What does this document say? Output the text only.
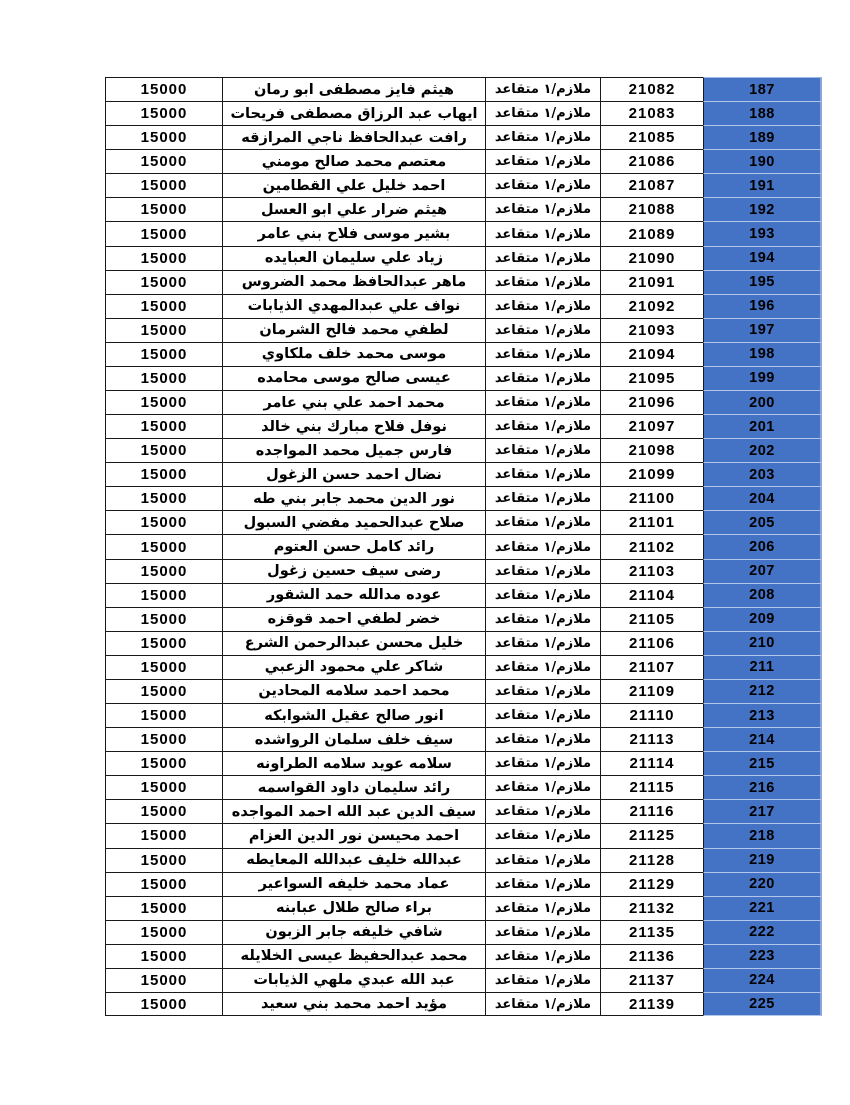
187	21082	ملازم/١ متقاعد	هيثم فايز مصطفى ابو رمان	15000
188	21083	ملازم/١ متقاعد	ايهاب عبد الرزاق مصطفى فريحات	15000
189	21085	ملازم/١ متقاعد	رافت عبدالحافظ ناجي المرازقه	15000
190	21086	ملازم/١ متقاعد	معتصم محمد صالح مومني	15000
191	21087	ملازم/١ متقاعد	احمد خليل علي القطامين	15000
192	21088	ملازم/١ متقاعد	هيثم ضرار علي ابو العسل	15000
193	21089	ملازم/١ متقاعد	بشير موسى فلاح بني عامر	15000
194	21090	ملازم/١ متقاعد	زياد علي سليمان العبايده	15000
195	21091	ملازم/١ متقاعد	ماهر عبدالحافظ محمد الضروس	15000
196	21092	ملازم/١ متقاعد	نواف علي عبدالمهدي الذيابات	15000
197	21093	ملازم/١ متقاعد	لطفي محمد فالح الشرمان	15000
198	21094	ملازم/١ متقاعد	موسى محمد خلف ملكاوي	15000
199	21095	ملازم/١ متقاعد	عيسى صالح موسى محامده	15000
200	21096	ملازم/١ متقاعد	محمد احمد علي بني عامر	15000
201	21097	ملازم/١ متقاعد	نوفل فلاح مبارك بني خالد	15000
202	21098	ملازم/١ متقاعد	فارس جميل محمد المواجده	15000
203	21099	ملازم/١ متقاعد	نضال احمد حسن الزغول	15000
204	21100	ملازم/١ متقاعد	نور الدين محمد جابر بني طه	15000
205	21101	ملازم/١ متقاعد	صلاح عبدالحميد مفضي السبول	15000
206	21102	ملازم/١ متقاعد	رائد كامل حسن العتوم	15000
207	21103	ملازم/١ متقاعد	رضى سيف حسين زغول	15000
208	21104	ملازم/١ متقاعد	عوده مدالله حمد الشقور	15000
209	21105	ملازم/١ متقاعد	خضر لطفي احمد قوقزه	15000
210	21106	ملازم/١ متقاعد	خليل محسن عبدالرحمن الشرع	15000
211	21107	ملازم/١ متقاعد	شاكر علي محمود الزعبي	15000
212	21109	ملازم/١ متقاعد	محمد احمد سلامه المحادين	15000
213	21110	ملازم/١ متقاعد	انور صالح عقيل الشوابكه	15000
214	21113	ملازم/١ متقاعد	سيف خلف سلمان الرواشده	15000
215	21114	ملازم/١ متقاعد	سلامه عويد سلامه الطراونه	15000
216	21115	ملازم/١ متقاعد	رائد سليمان داود القواسمه	15000
217	21116	ملازم/١ متقاعد	سيف الدين عبد الله احمد المواجده	15000
218	21125	ملازم/١ متقاعد	احمد محيسن نور الدين العزام	15000
219	21128	ملازم/١ متقاعد	عبدالله خليف عبدالله المعايطه	15000
220	21129	ملازم/١ متقاعد	عماد محمد خليفه السواعير	15000
221	21132	ملازم/١ متقاعد	براء صالح طلال عبابنه	15000
222	21135	ملازم/١ متقاعد	شافي خليفه جابر الزبون	15000
223	21136	ملازم/١ متقاعد	محمد عبدالحفيظ عيسى الخلايله	15000
224	21137	ملازم/١ متقاعد	عبد الله عبدي ملهي الذيابات	15000
225	21139	ملازم/١ متقاعد	مؤيد احمد محمد بني سعيد	15000
